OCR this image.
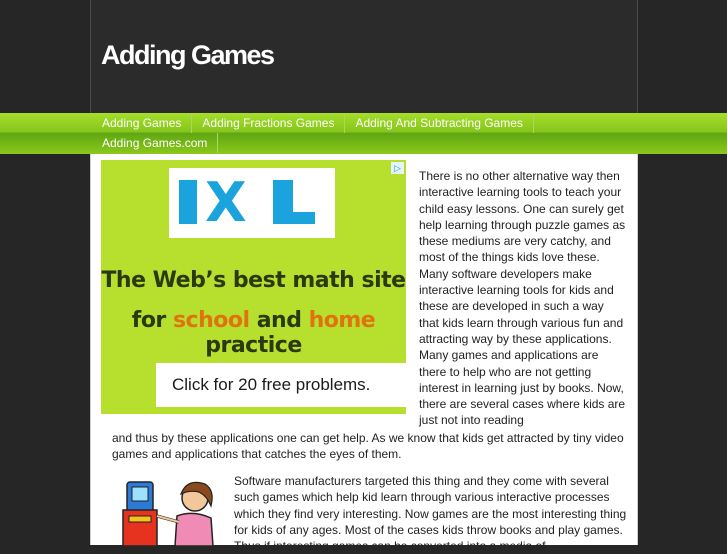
Adding Games
Adding Games	Adding Fractions Games	Adding And Subtracting Games
Adding Games.com
▷
X
The Web’s best math site
for school and home practice
Click for 20 free problems.
There is no other alternative way then interactive learning tools to teach your child easy lessons. One can surely get help learning through puzzle games as these mediums are very catchy, and most of the things kids love these. Many software developers make interactive learning tools for kids and these are developed in such a way that kids learn through various fun and attracting way by these applications. Many games and applications are there to help who are not getting interest in learning just by books. Now, there are several cases where kids are just not into reading
and thus by these applications one can get help. As we know that kids get attracted by tiny video games and applications that catches the eyes of them.
Software manufacturers targeted this thing and they come with several such games which help kid learn through various interactive processes which they find very interesting. Now games are the most interesting thing for kids of any ages. Most of the cases kids throw books and play games. Thus if interesting games can be converted into a media of
